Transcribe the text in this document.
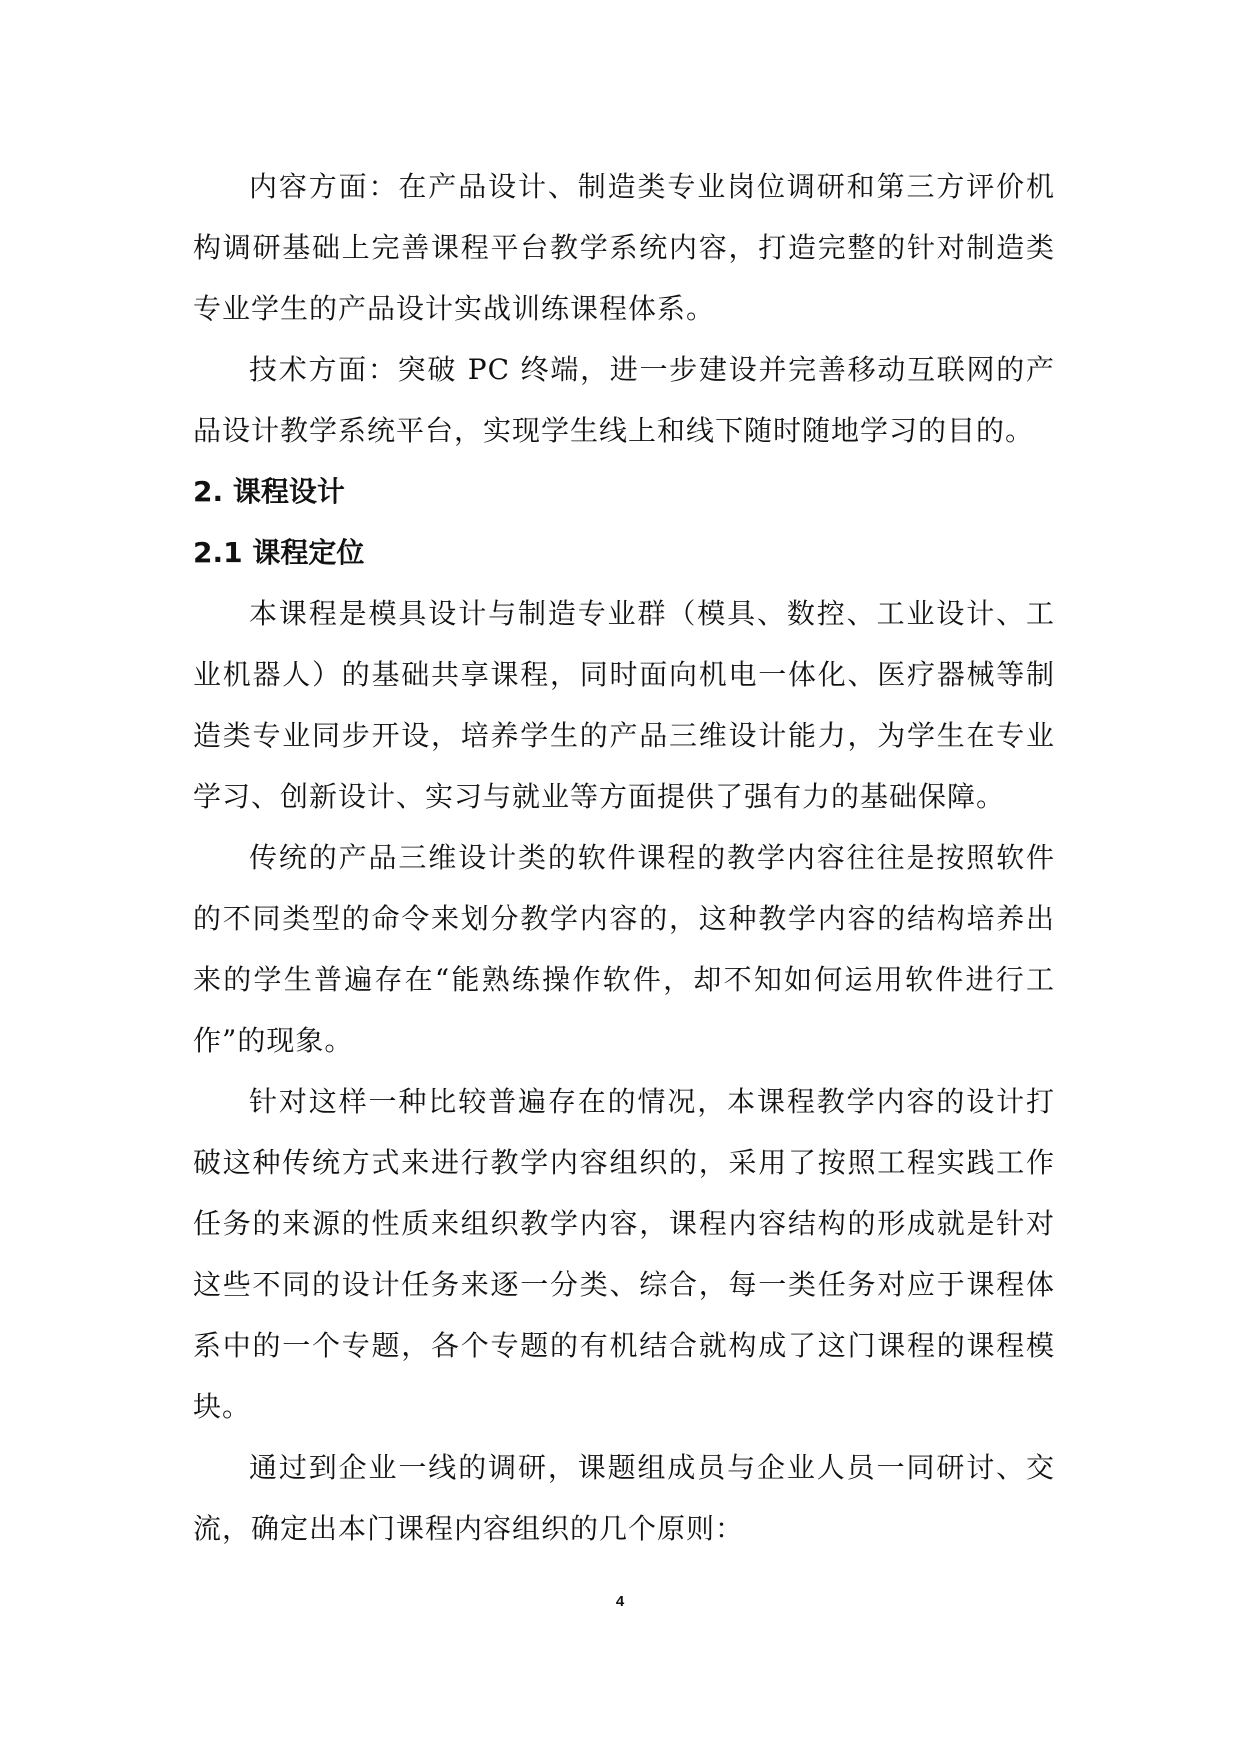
内容方面：在产品设计、制造类专业岗位调研和第三方评价机构调研基础上完善课程平台教学系统内容，打造完整的针对制造类专业学生的产品设计实战训练课程体系。

技术方面：突破 PC 终端，进一步建设并完善移动互联网的产品设计教学系统平台，实现学生线上和线下随时随地学习的目的。

2. 课程设计
2.1 课程定位

本课程是模具设计与制造专业群（模具、数控、工业设计、工业机器人）的基础共享课程，同时面向机电一体化、医疗器械等制造类专业同步开设，培养学生的产品三维设计能力，为学生在专业学习、创新设计、实习与就业等方面提供了强有力的基础保障。

传统的产品三维设计类的软件课程的教学内容往往是按照软件的不同类型的命令来划分教学内容的，这种教学内容的结构培养出来的学生普遍存在“能熟练操作软件，却不知如何运用软件进行工作”的现象。

针对这样一种比较普遍存在的情况，本课程教学内容的设计打破这种传统方式来进行教学内容组织的，采用了按照工程实践工作任务的来源的性质来组织教学内容，课程内容结构的形成就是针对这些不同的设计任务来逐一分类、综合，每一类任务对应于课程体系中的一个专题，各个专题的有机结合就构成了这门课程的课程模块。

通过到企业一线的调研，课题组成员与企业人员一同研讨、交流，确定出本门课程内容组织的几个原则：

4
